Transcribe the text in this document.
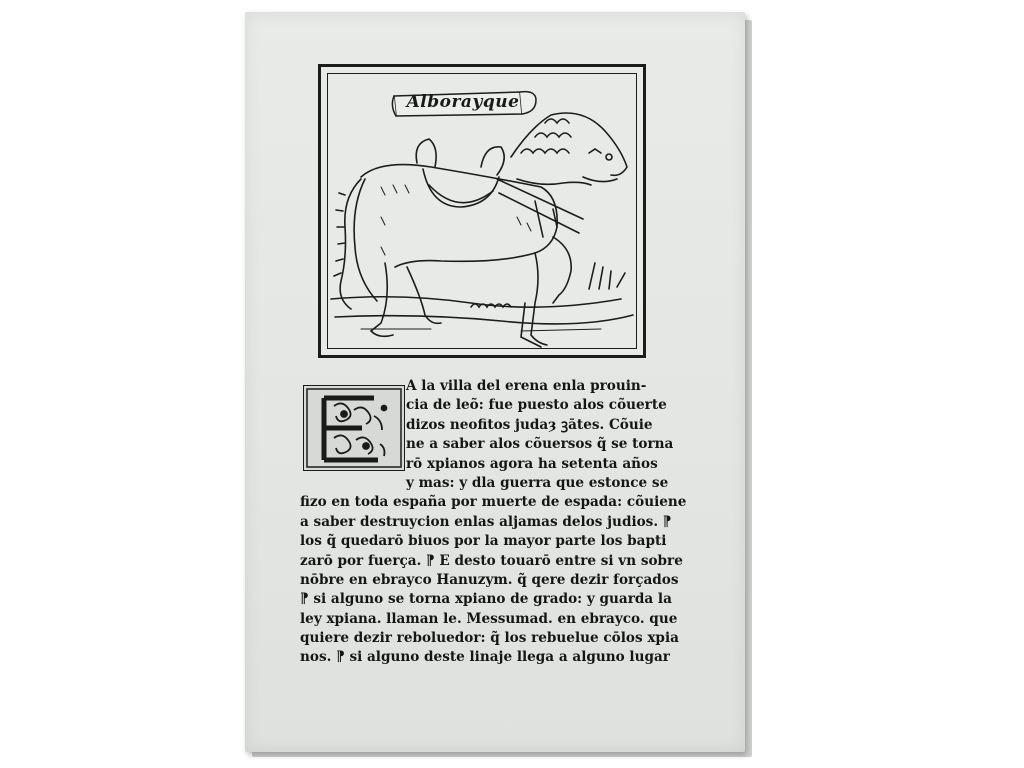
Alborayque
A la villa del erena enla prouin-
cia de leõ: fue puesto alos cõuerte
dizos neofitos judaȝ ꝫātes. Cõuie
ne a saber alos cõuersos q̃ se torna
rō xpianos agora ha setenta años
y mas: y dla guerra que estonce se
fizo en toda españa por muerte de espada: cõuiene
a saber destruycion enlas aljamas delos judios. ⁋
los q̃ quedarō biuos por la mayor parte los bapti
zarō por fuerça. ⁋ E desto touarō entre si vn sobre
nōbre en ebrayco Hanuzym. q̃ qere dezir forçados
⁋ si alguno se torna xpiano de grado: y guarda la
ley xpiana. llaman le. Messumad. en ebrayco. que
quiere dezir reboluedor: q̃ los rebuelue cōlos xpia
nos. ⁋ si alguno deste linaje llega a alguno lugar
